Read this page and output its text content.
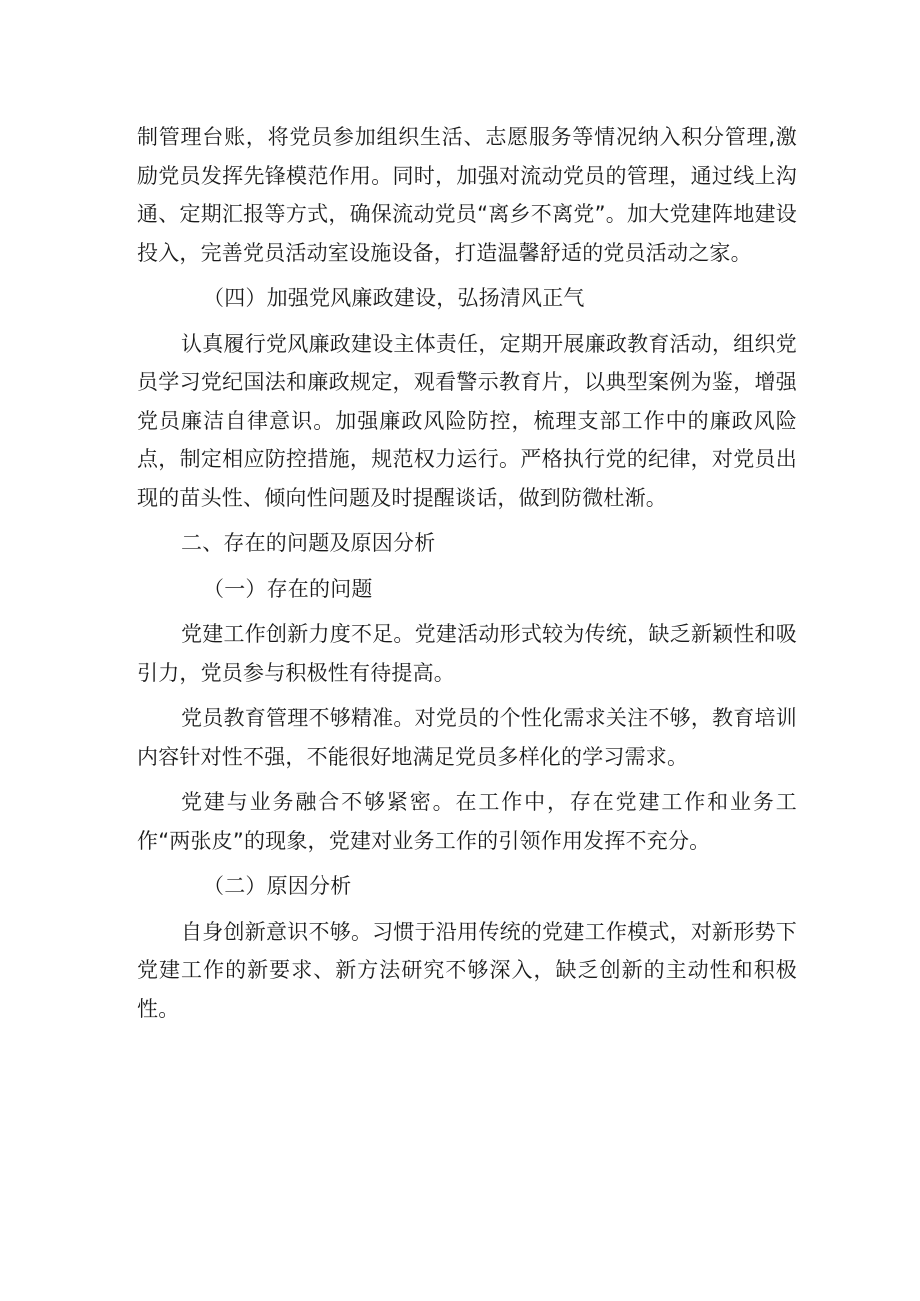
制管理台账，将党员参加组织生活、志愿服务等情况纳入积分管理,激励党员发挥先锋模范作用。同时，加强对流动党员的管理，通过线上沟通、定期汇报等方式，确保流动党员“离乡不离党”。加大党建阵地建设投入，完善党员活动室设施设备，打造温馨舒适的党员活动之家。

（四）加强党风廉政建设，弘扬清风正气

认真履行党风廉政建设主体责任，定期开展廉政教育活动，组织党员学习党纪国法和廉政规定，观看警示教育片，以典型案例为鉴，增强党员廉洁自律意识。加强廉政风险防控，梳理支部工作中的廉政风险点，制定相应防控措施，规范权力运行。严格执行党的纪律，对党员出现的苗头性、倾向性问题及时提醒谈话，做到防微杜渐。

二、存在的问题及原因分析

（一）存在的问题

党建工作创新力度不足。党建活动形式较为传统，缺乏新颖性和吸引力，党员参与积极性有待提高。

党员教育管理不够精准。对党员的个性化需求关注不够，教育培训内容针对性不强，不能很好地满足党员多样化的学习需求。

党建与业务融合不够紧密。在工作中，存在党建工作和业务工作“两张皮”的现象，党建对业务工作的引领作用发挥不充分。

（二）原因分析

自身创新意识不够。习惯于沿用传统的党建工作模式，对新形势下党建工作的新要求、新方法研究不够深入，缺乏创新的主动性和积极性。
